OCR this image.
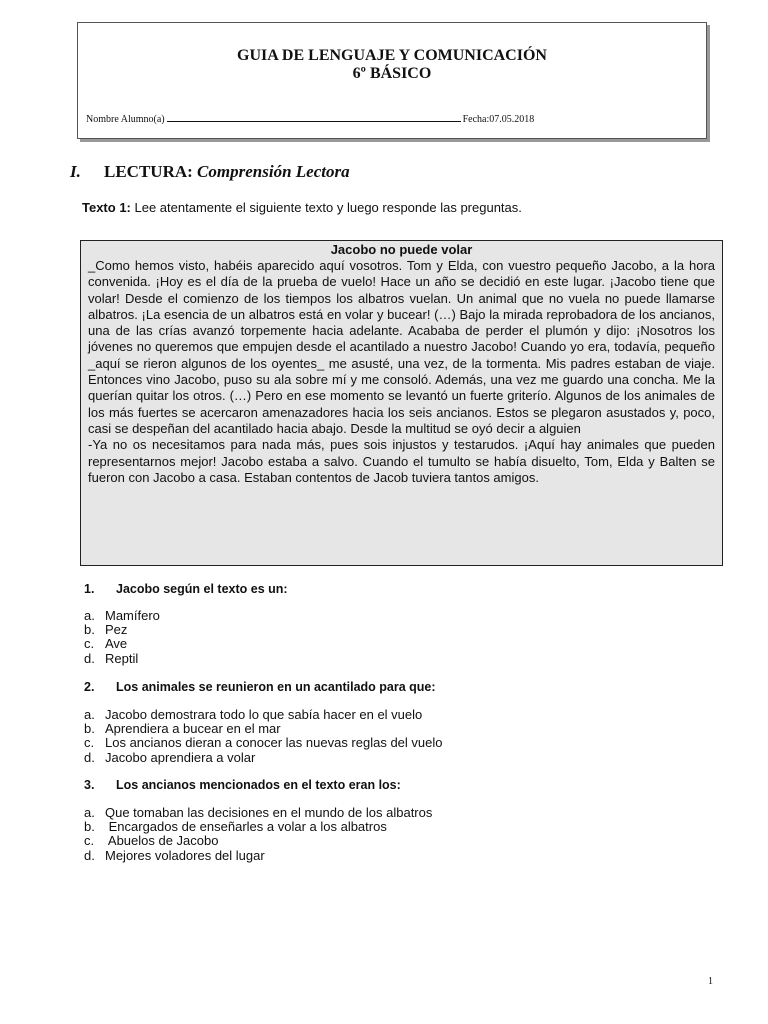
GUIA DE LENGUAJE Y COMUNICACIÓN
6º BÁSICO
Nombre Alumno(a)	Fecha:07.05.2018
I. LECTURA: Comprensión Lectora
Texto 1: Lee atentamente el siguiente texto y luego responde las preguntas.
Jacobo no puede volar

_Como hemos visto, habéis aparecido aquí vosotros. Tom y Elda, con vuestro pequeño Jacobo, a la hora convenida. ¡Hoy es el día de la prueba de vuelo! Hace un año se decidió en este lugar. ¡Jacobo tiene que volar! Desde el comienzo de los tiempos los albatros vuelan. Un animal que no vuela no puede llamarse albatros. ¡La esencia de un albatros está en volar y bucear! (…) Bajo la mirada reprobadora de los ancianos, una de las crías avanzó torpemente hacia adelante. Acababa de perder el plumón y dijo: ¡Nosotros los jóvenes no queremos que empujen desde el acantilado a nuestro Jacobo! Cuando yo era, todavía, pequeño _aquí se rieron algunos de los oyentes_ me asusté, una vez, de la tormenta. Mis padres estaban de viaje. Entonces vino Jacobo, puso su ala sobre mí y me consoló. Además, una vez me guardo una concha. Me la querían quitar los otros. (…) Pero en ese momento se levantó un fuerte griterío. Algunos de los animales de los más fuertes se acercaron amenazadores hacia los seis ancianos. Estos se plegaron asustados y, poco, casi se despeñan del acantilado hacia abajo. Desde la multitud se oyó decir a alguien

-Ya no os necesitamos para nada más, pues sois injustos y testarudos. ¡Aquí hay animales que pueden representarnos mejor! Jacobo estaba a salvo. Cuando el tumulto se había disuelto, Tom, Elda y Balten se fueron con Jacobo a casa. Estaban contentos de Jacob tuviera tantos amigos.

1. Jacobo según el texto es un:
a. Mamífero
b. Pez
c. Ave
d. Reptil
2. Los animales se reunieron en un acantilado para que:
a. Jacobo demostrara todo lo que sabía hacer en el vuelo
b. Aprendiera a bucear en el mar
c. Los ancianos dieran a conocer las nuevas reglas del vuelo
d. Jacobo aprendiera a volar
3. Los ancianos mencionados en el texto eran los:
a. Que tomaban las decisiones en el mundo de los albatros
b. Encargados de enseñarles a volar a los albatros
c. Abuelos de Jacobo
d. Mejores voladores del lugar
1
